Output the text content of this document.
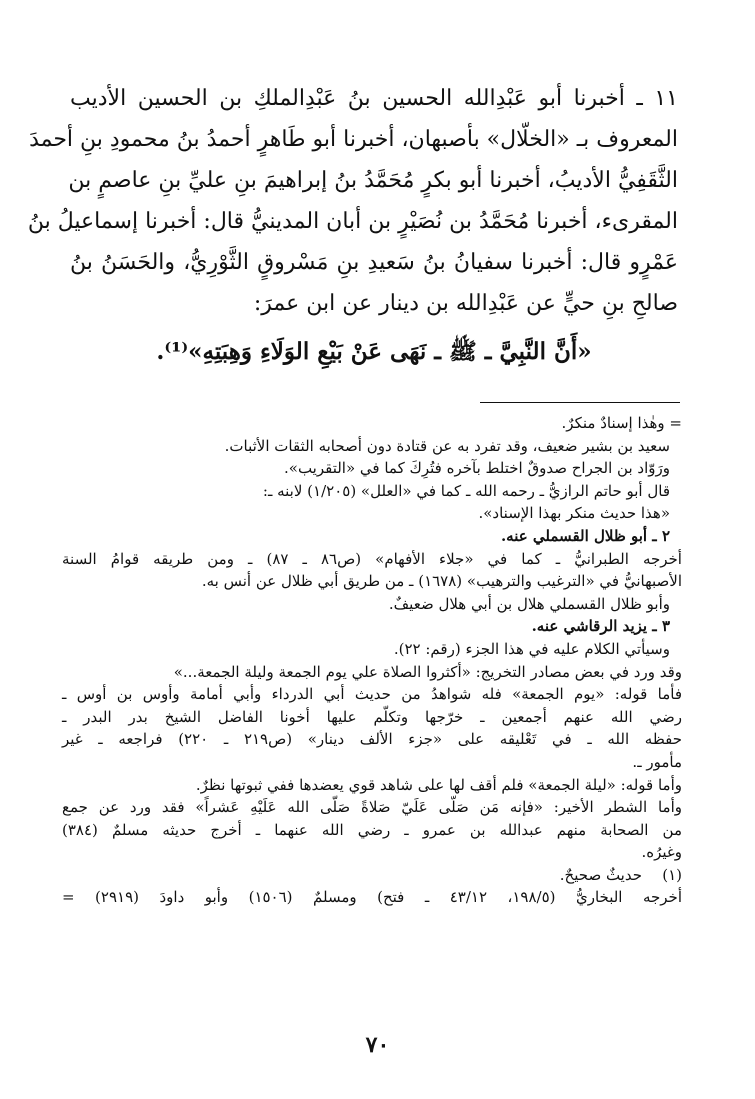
١١ ـ أخبرنا أبو عَبْدِالله الحسين بنُ عَبْدِالملكِ بن الحسين الأديب
المعروف بـ «الخلّال» بأصبهان، أخبرنا أبو طَاهرٍ أحمدُ بنُ محمودِ بنِ أحمدَ
الثَّقَفِيُّ الأديبُ، أخبرنا أبو بكرٍ مُحَمَّدُ بنُ إبراهيمَ بنِ عليِّ بنِ عاصمٍ بن
المقرىء، أخبرنا مُحَمَّدُ بن نُصَيْرٍ بن أبان المدينيُّ قال: أخبرنا إسماعيلُ بنُ
عَمْرٍو قال: أخبرنا سفيانُ بنُ سَعيدِ بنِ مَسْروقٍ الثَّوْرِيُّ، والحَسَنُ بنُ
صالحِ بنِ حيٍّ عن عَبْدِالله بن دينار عن ابن عمرَ:
«أَنَّ النَّبِيَّ ـ ﷺ ـ نَهَى عَنْ بَيْعِ الوَلَاءِ وَهِبَتِهِ»⁽¹⁾.
= وهٰذا إسنادٌ منكرٌ.
سعيد بن بشير ضعيف، وقد تفرد به عن قتادة دون أصحابه الثقات الأثبات.
ورَوّاد بن الجراح صدوقٌ اختلط بآخره فتُرِكَ كما في «التقريب».
قال أبو حاتم الرازيُّ ـ رحمه الله ـ كما في «العلل» (١/٢٠٥) لابنه ـ:
«هذا حديث منكر بهذا الإسناد».
٢ ـ أبو ظلال القسملي عنه.
أخرجه الطبرانيُّ ـ كما في «جلاء الأفهام» (ص٨٦ ـ ٨٧) ـ ومن طريقه قوامُ السنة
الأصبهانيُّ في «الترغيب والترهيب» (١٦٧٨) ـ من طريق أبي ظلال عن أنس به.
وأبو ظلال القسملي هلال بن أبي هلال ضعيفٌ.
٣ ـ يزيد الرقاشي عنه.
وسيأتي الكلام عليه في هذا الجزء (رقم: ٢٢).
وقد ورد في بعض مصادر التخريج: «أكثروا الصلاة علي يوم الجمعة وليلة الجمعة...»
فأما قوله: «يوم الجمعة» فله شواهدُ من حديث أبي الدرداء وأبي أمامة وأوس بن أوس ـ
رضي الله عنهم أجمعين ـ خرّجها وتكلّم عليها أخونا الفاضل الشيخ بدر البدر ـ
حفظه الله ـ في تَعْليقه على «جزء الألف دينار» (ص٢١٩ ـ ٢٢٠) فراجعه ـ غير
مأمور ـ.
وأما قوله: «ليلة الجمعة» فلم أقف لها على شاهد قوي يعضدها ففي ثبوتها نظرٌ.
وأما الشطر الأخير: «فإنه مَن صَلّى عَلَيّ صَلاةً صَلّى الله عَلَيْهِ عَشراً» فقد ورد عن جمع
من الصحابة منهم عبدالله بن عمرو ـ رضي الله عنهما ـ أخرج حديثه مسلمٌ (٣٨٤)
وغيرُه.
(١)حديثٌ صحيحٌ.
أخرجه البخاريُّ (١٩٨/٥، ٤٣/١٢ ـ فتح) ومسلمٌ (١٥٠٦) وأبو داودَ (٢٩١٩) =
٧٠
